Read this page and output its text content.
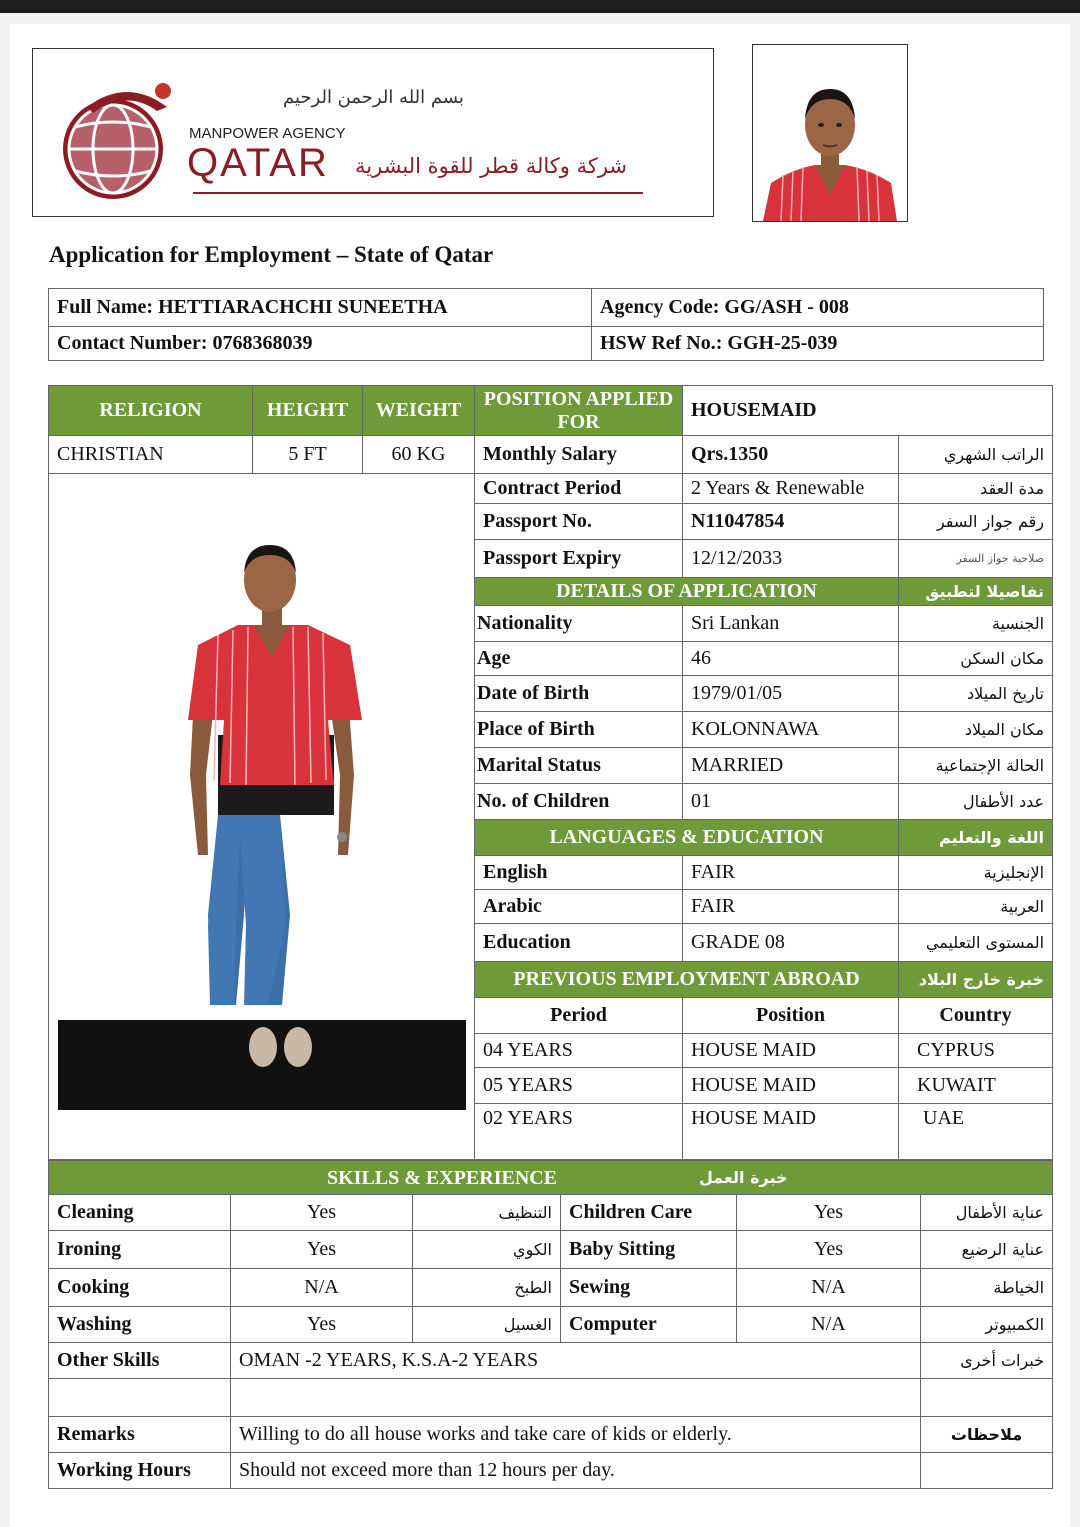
بسم الله الرحمن الرحيم
MANPOWER AGENCY
QATAR شركة وكالة قطر للقوة البشرية
Application for Employment – State of Qatar
Full Name: HETTIARACHCHI SUNEETHA	Agency Code: GG/ASH - 008
Contact Number: 0768368039	HSW Ref No.: GGH-25-039
RELIGION	HEIGHT	WEIGHT	POSITION APPLIED FOR	HOUSEMAID	
CHRISTIAN	5 FT	60 KG	Monthly Salary	Qrs.1350	الراتب الشهري
			Contract Period	2 Years & Renewable	مدة العقد
			Passport No.	N11047854	رقم جواز السفر
			Passport Expiry	12/12/2033	صلاحية جواز السفر
			DETAILS OF APPLICATION		تفاصيلا لتطبيق
			Nationality	Sri Lankan	الجنسية
			Age	46	مكان السكن
			Date of Birth	1979/01/05	تاريخ الميلاد
			Place of Birth	KOLONNAWA	مكان الميلاد
			Marital Status	MARRIED	الحالة الإجتماعية
			No. of Children	01	عدد الأطفال
			LANGUAGES & EDUCATION		اللغة والتعليم
			English	FAIR	الإنجليزية
			Arabic	FAIR	العربية
			Education	GRADE 08	المستوى التعليمي
			PREVIOUS EMPLOYMENT ABROAD		خبرة خارج البلاد
			Period	Position	Country
			04 YEARS	HOUSE MAID	CYPRUS
			05 YEARS	HOUSE MAID	KUWAIT
			02 YEARS	HOUSE MAID	UAE

SKILLS & EXPERIENCE خبرة العمل					

Cleaning	Yes	التنظيف	Children Care	Yes	عناية الأطفال
Ironing	Yes	الكوي	Baby Sitting	Yes	عناية الرضيع
Cooking	N/A	الطبخ	Sewing	N/A	الخياطة
Washing	Yes	الغسيل	Computer	N/A	الكمبيوتر
Other Skills	OMAN -2 YEARS, K.S.A-2 YEARS				خبرات أخرى

Remarks	Willing to do all house works and take care of kids or elderly.				ملاحظات
Working Hours	Should not exceed more than 12 hours per day.				
